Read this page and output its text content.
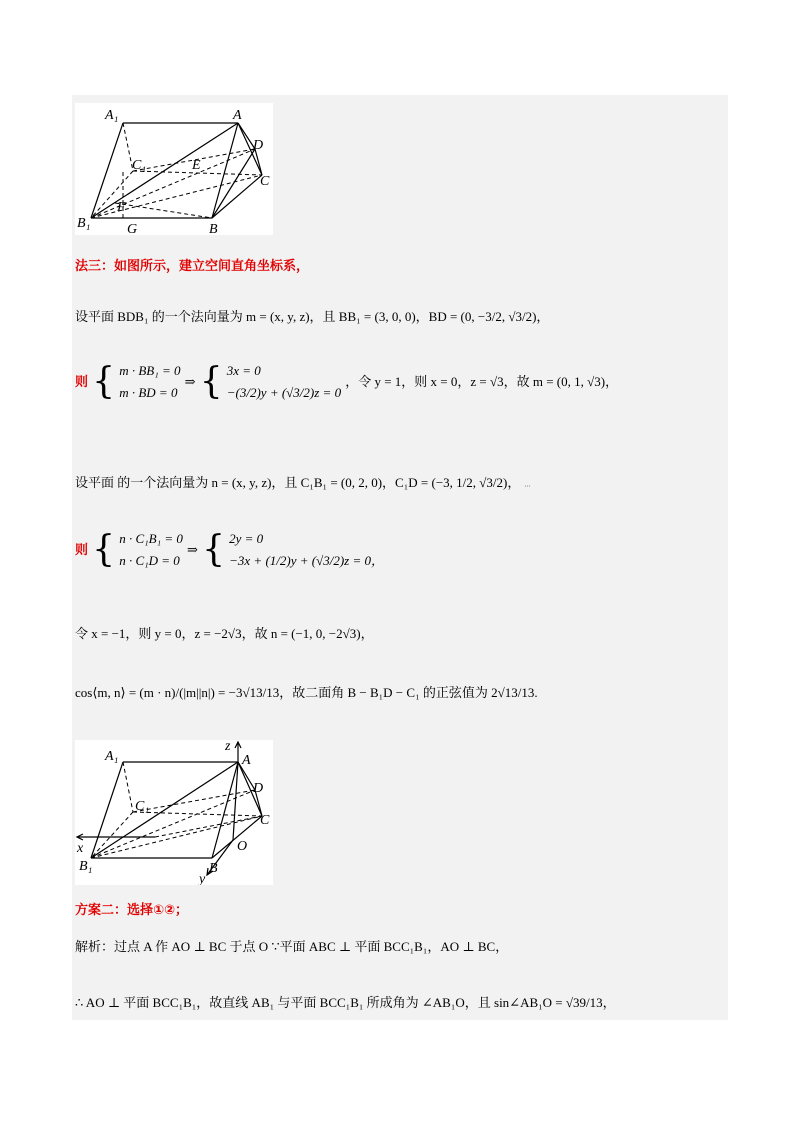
A₁	A
D
C₁	E
C
F
B₁	G	B
法三：如图所示，建立空间直角坐标系，
设平面 BDB₁ 的一个法向量为 m = (x, y, z)，且 BB₁ = (3, 0, 0)，BD = (0, −3/2, √3/2)，
则 { m · BB₁ = 0
m · BD = 0
⇒ { 3x = 0
−(3/2)y + (√3/2)z = 0
，令 y = 1，则 x = 0，z = √3，故 m = (0, 1, √3)，
设平面 的一个法向量为 n = (x, y, z)，且 C₁B₁ = (0, 2, 0)，C₁D = (−3, 1/2, √3/2)， ₁₁₁
则 { n · C₁B₁ = 0
n · C₁D = 0
⇒ { 2y = 0
−3x + (1/2)y + (√3/2)z = 0，
令 x = −1，则 y = 0，z = −2√3，故 n = (−1, 0, −2√3)，
cos⟨m, n⟩ = (m · n)/(|m||n|) = −3√13/13，故二面角 B − B₁D − C₁ 的正弦值为 2√13/13.
A₁
z
A
D
C₁
C
x	O
B₁	B
y
方案二：选择①②；
解析：过点 A 作 AO ⊥ BC 于点 O ∵平面 ABC ⊥ 平面 BCC₁B₁，AO ⊥ BC，
∴ AO ⊥ 平面 BCC₁B₁，故直线 AB₁ 与平面 BCC₁B₁ 所成角为 ∠AB₁O，且 sin∠AB₁O = √39/13，
